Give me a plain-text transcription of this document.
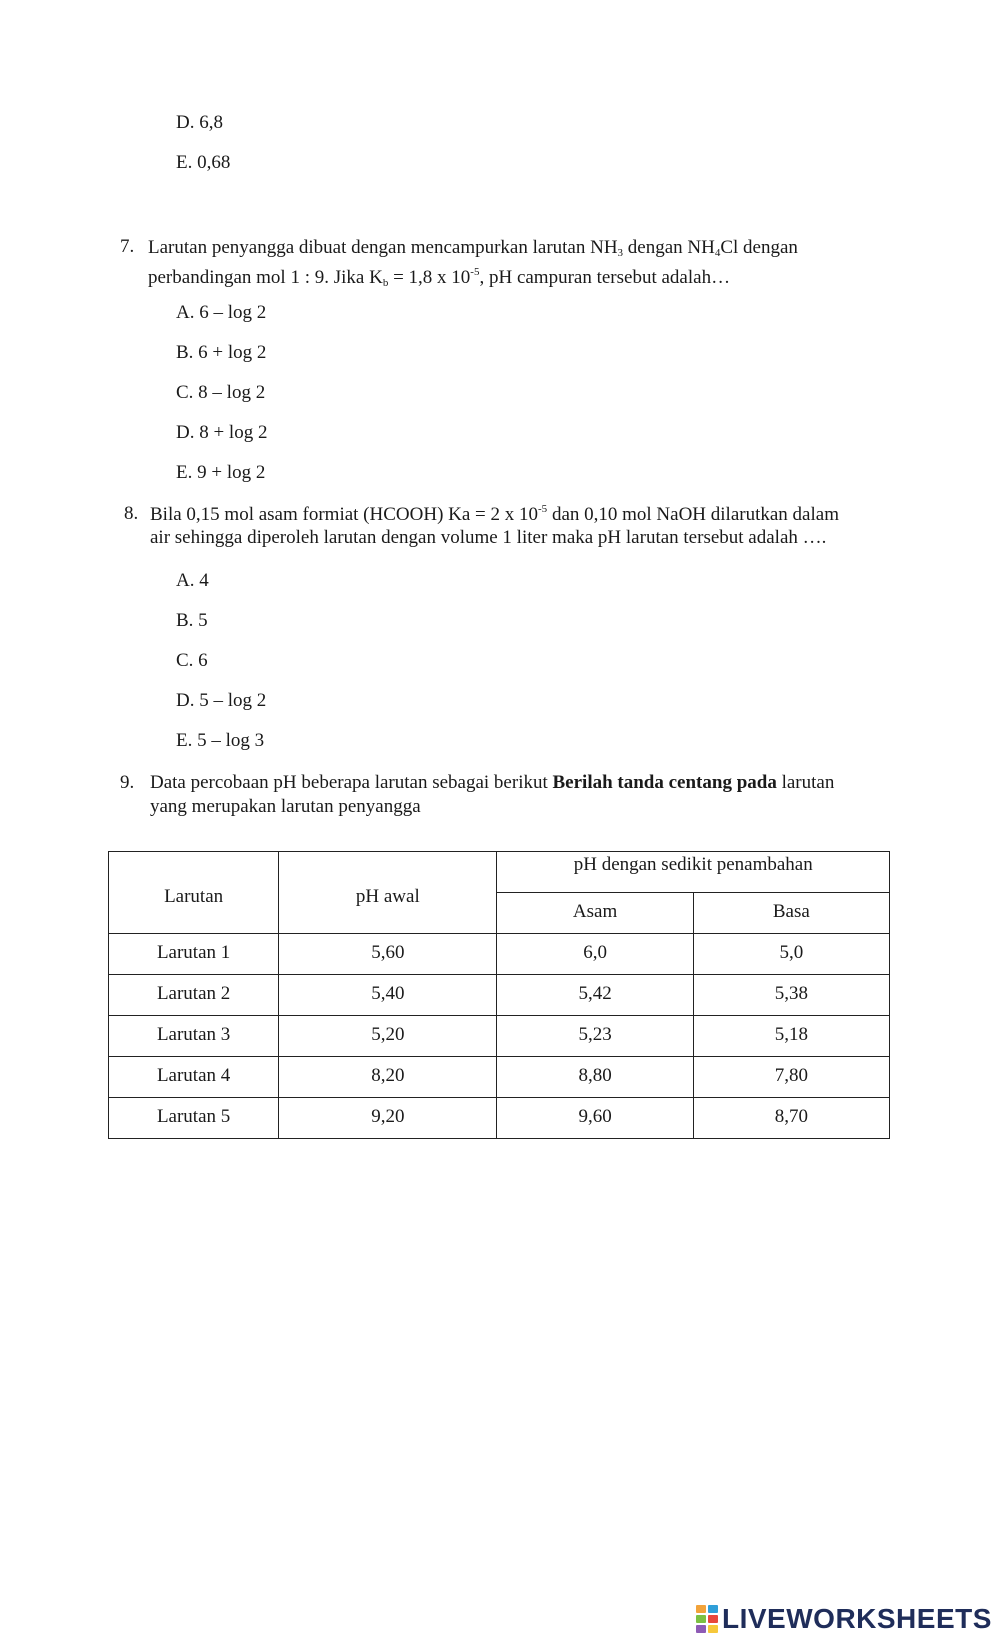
D. 6,8
E. 0,68
7. Larutan penyangga dibuat dengan mencampurkan larutan $NH_3$ dengan $NH_4Cl$ dengan
perbandingan mol 1 : 9. Jika $K_b = 1,8$ x $10^{-5}$, pH campuran tersebut adalah…
A. 6 – log 2
B. 6 + log 2
C. 8 – log 2
D. 8 + log 2
E. 9 + log 2
8. Bila 0,15 mol asam formiat (HCOOH) Ka = 2 x $10^{-5}$ dan 0,10 mol NaOH dilarutkan dalam
air sehingga diperoleh larutan dengan volume 1 liter maka pH larutan tersebut adalah ….
A. 4
B. 5
C. 6
D. 5 – log 2
E. 5 – log 3
9. Data percobaan pH beberapa larutan sebagai berikut Berilah tanda centang pada larutan
yang merupakan larutan penyangga
Larutan	pH awal	pH dengan sedikit penambahan	
		Asam	Basa
Larutan 1	5,60	6,0	5,0
Larutan 2	5,40	5,42	5,38
Larutan 3	5,20	5,23	5,18
Larutan 4	8,20	8,80	7,80
Larutan 5	9,20	9,60	8,70
LIVEWORKSHEETS
